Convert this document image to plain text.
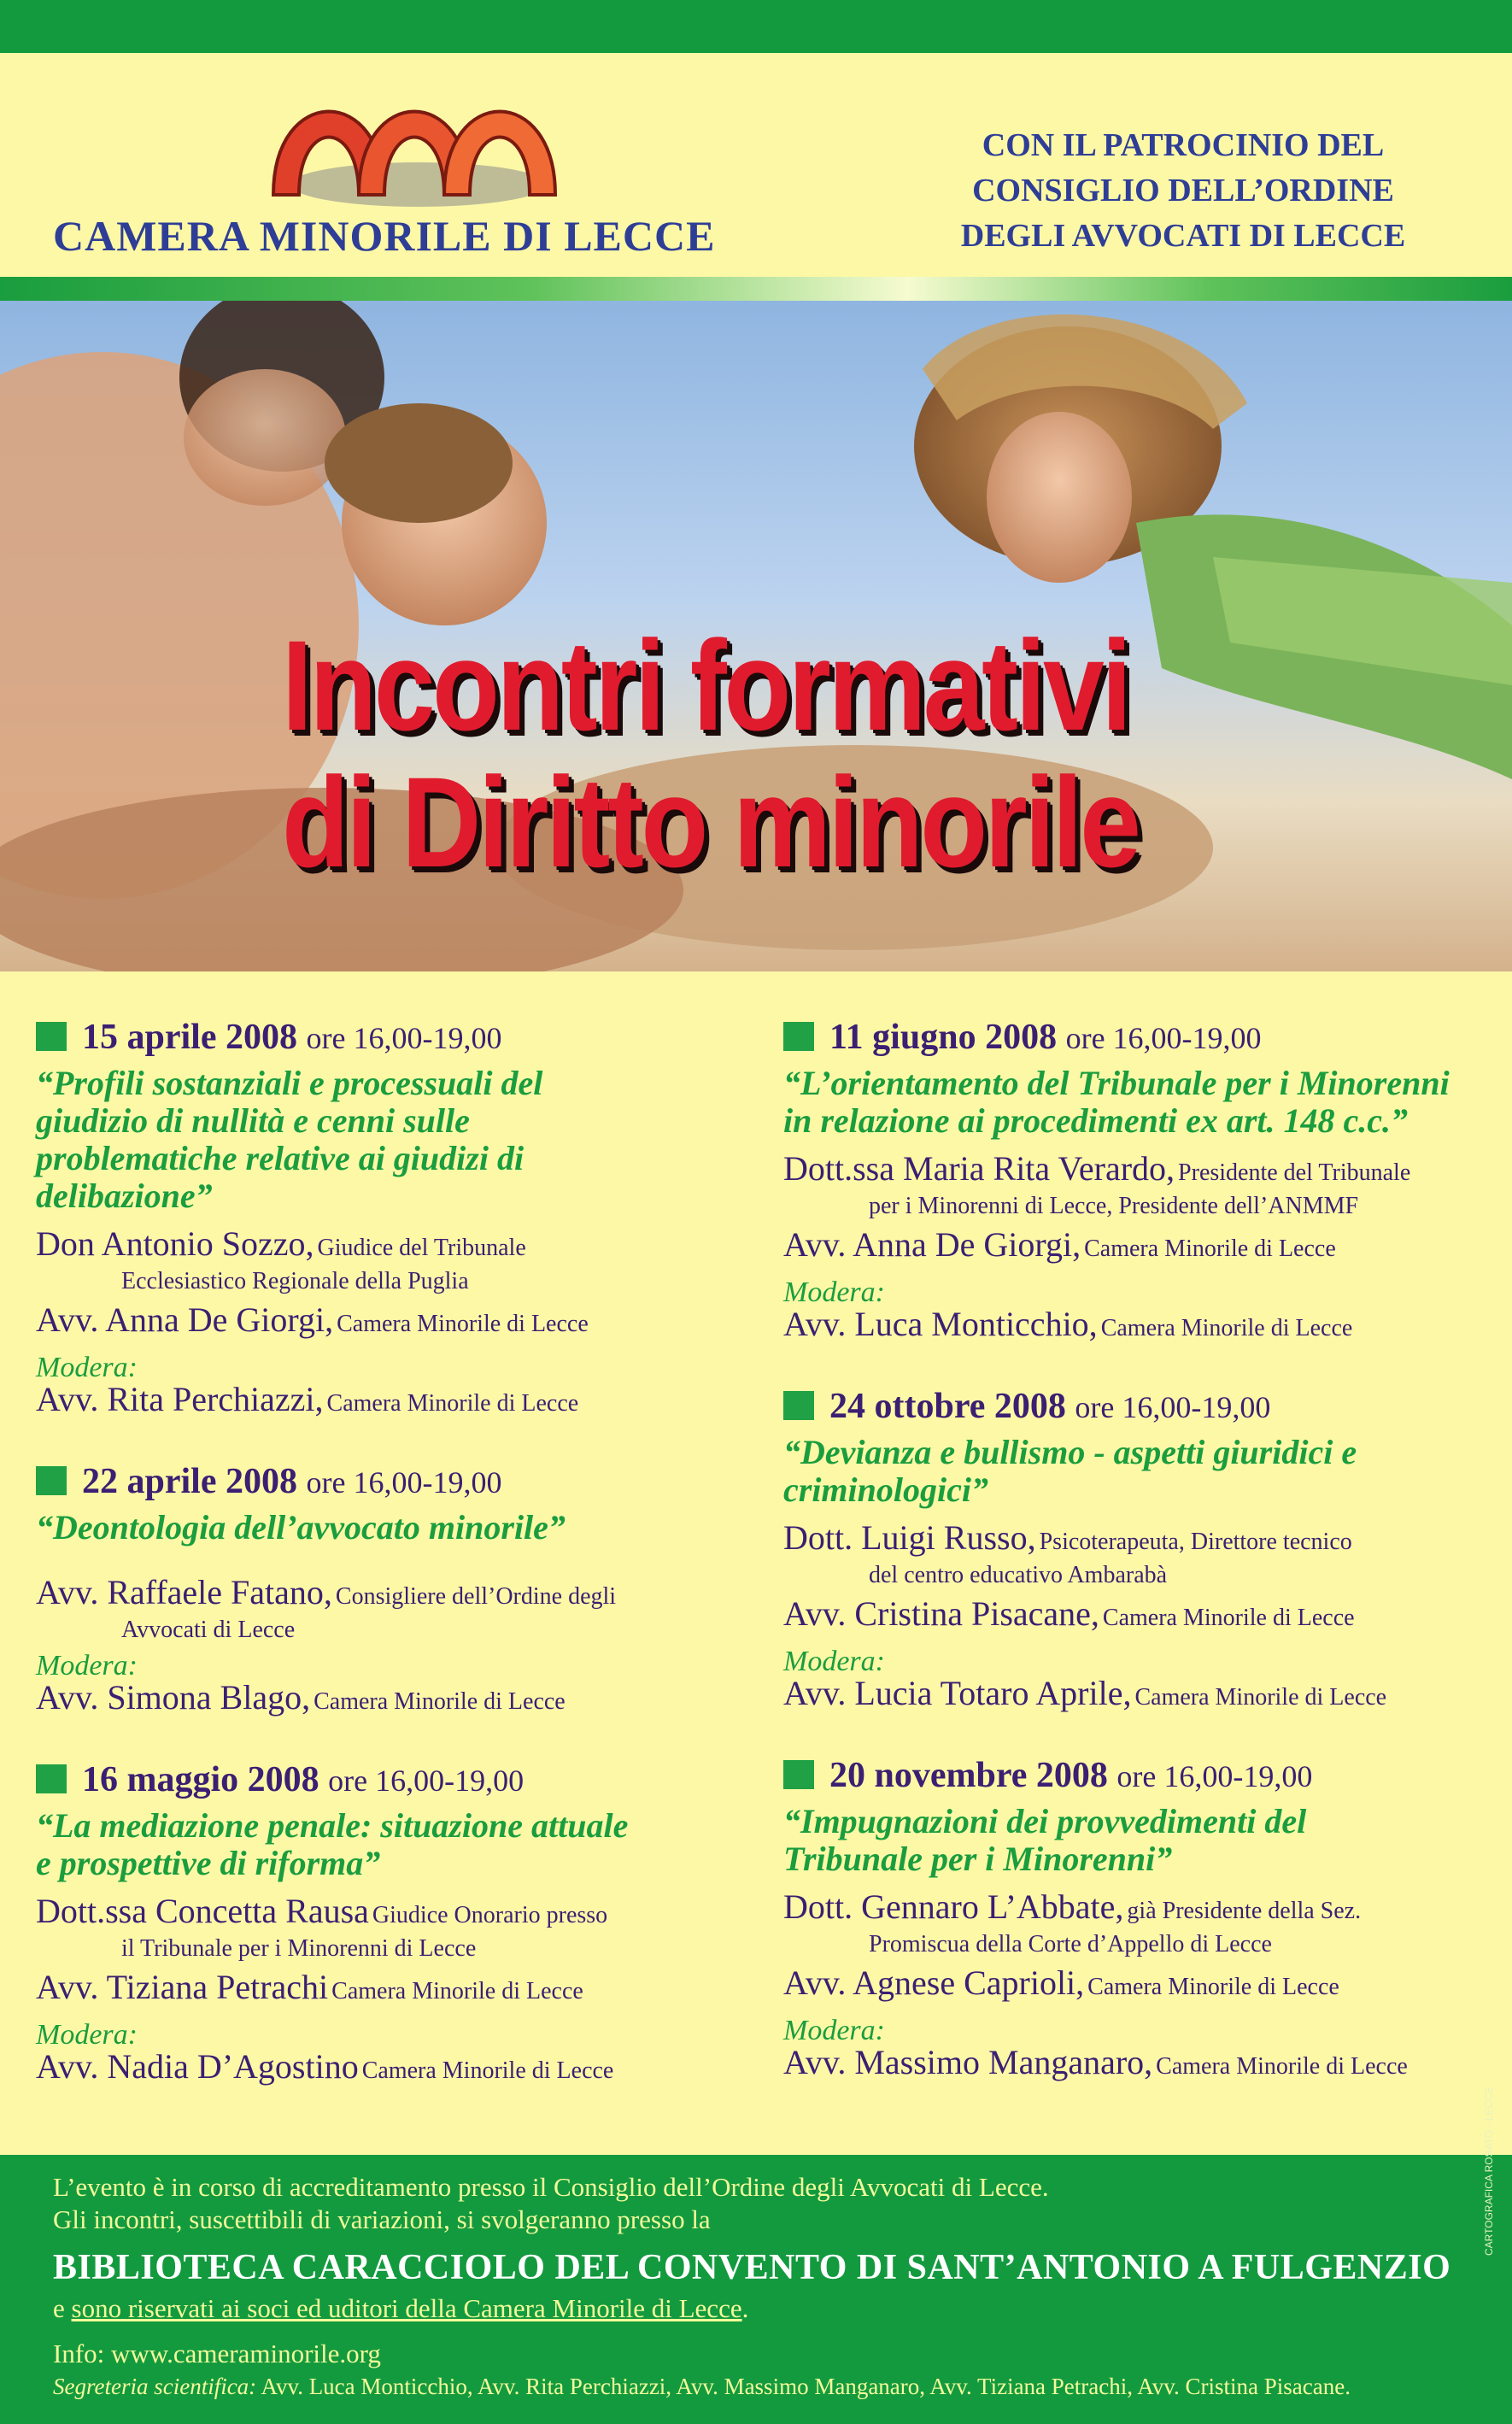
CAMERA MINORILE DI LECCE
CON IL PATROCINIO DEL
CONSIGLIO DELL’ORDINE
DEGLI AVVOCATI DI LECCE
Incontri formativi
di Diritto minorile
15 aprile 2008 ore 16,00-19,00
“Profili sostanziali e processuali del giudizio di nullità e cenni sulle problematiche relative ai giudizi di delibazione”
Don Antonio Sozzo, Giudice del Tribunale
Ecclesiastico Regionale della Puglia
Avv. Anna De Giorgi, Camera Minorile di Lecce
Modera:
Avv. Rita Perchiazzi, Camera Minorile di Lecce
22 aprile 2008 ore 16,00-19,00
“Deontologia dell’avvocato minorile”
Avv. Raffaele Fatano, Consigliere dell’Ordine degli
Avvocati di Lecce
Modera:
Avv. Simona Blago, Camera Minorile di Lecce
16 maggio 2008 ore 16,00-19,00
“La mediazione penale: situazione attuale e prospettive di riforma”
Dott.ssa Concetta Rausa Giudice Onorario presso
il Tribunale per i Minorenni di Lecce
Avv. Tiziana Petrachi Camera Minorile di Lecce
Modera:
Avv. Nadia D’Agostino Camera Minorile di Lecce
11 giugno 2008 ore 16,00-19,00
“L’orientamento del Tribunale per i Minorenni in relazione ai procedimenti ex art. 148 c.c.”
Dott.ssa Maria Rita Verardo, Presidente del Tribunale
per i Minorenni di Lecce, Presidente dell’ANMMF
Avv. Anna De Giorgi, Camera Minorile di Lecce
Modera:
Avv. Luca Monticchio, Camera Minorile di Lecce
24 ottobre 2008 ore 16,00-19,00
“Devianza e bullismo - aspetti giuridici e criminologici”
Dott. Luigi Russo, Psicoterapeuta, Direttore tecnico
del centro educativo Ambarabà
Avv. Cristina Pisacane, Camera Minorile di Lecce
Modera:
Avv. Lucia Totaro Aprile, Camera Minorile di Lecce
20 novembre 2008 ore 16,00-19,00
“Impugnazioni dei provvedimenti del Tribunale per i Minorenni”
Dott. Gennaro L’Abbate, già Presidente della Sez.
Promiscua della Corte d’Appello di Lecce
Avv. Agnese Caprioli, Camera Minorile di Lecce
Modera:
Avv. Massimo Manganaro, Camera Minorile di Lecce
L’evento è in corso di accreditamento presso il Consiglio dell’Ordine degli Avvocati di Lecce.
Gli incontri, suscettibili di variazioni, si svolgeranno presso la
BIBLIOTECA CARACCIOLO DEL CONVENTO DI SANT’ANTONIO A FULGENZIO
e sono riservati ai soci ed uditori della Camera Minorile di Lecce.
Info: www.cameraminorile.org
Segreteria scientifica: Avv. Luca Monticchio, Avv. Rita Perchiazzi, Avv. Massimo Manganaro, Avv. Tiziana Petrachi, Avv. Cristina Pisacane.
CARTOGRAFICA ROSATO - LECCE
